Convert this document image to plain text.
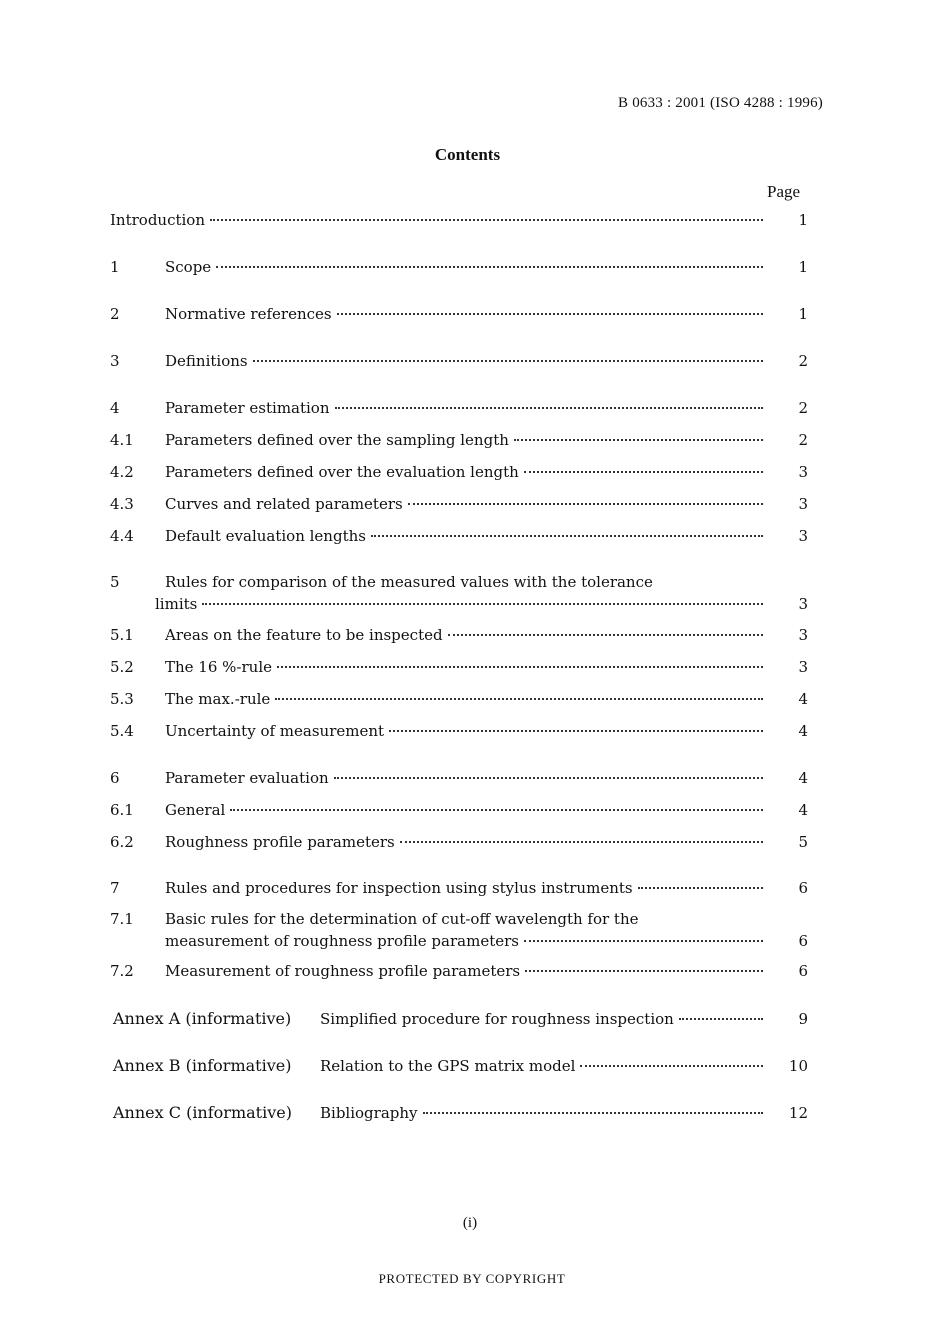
B 0633 : 2001 (ISO 4288 : 1996)
Contents
Page
Introduction	1
1	Scope	1
2	Normative references	1
3	Definitions	2
4	Parameter estimation	2
4.1	Parameters defined over the sampling length	2
4.2	Parameters defined over the evaluation length	3
4.3	Curves and related parameters	3
4.4	Default evaluation lengths	3
5	Rules for comparison of the measured values with the tolerance
limits	3
5.1	Areas on the feature to be inspected	3
5.2	The 16 %-rule	3
5.3	The max.-rule	4
5.4	Uncertainty of measurement	4
6	Parameter evaluation	4
6.1	General	4
6.2	Roughness profile parameters	5
7	Rules and procedures for inspection using stylus instruments	6
7.1	Basic rules for the determination of cut-off wavelength for the
measurement of roughness profile parameters	6
7.2	Measurement of roughness profile parameters	6
Annex A (informative)	Simplified procedure for roughness inspection	9
Annex B (informative)	Relation to the GPS matrix model	10
Annex C (informative)	Bibliography	12
(i)
PROTECTED BY COPYRIGHT
